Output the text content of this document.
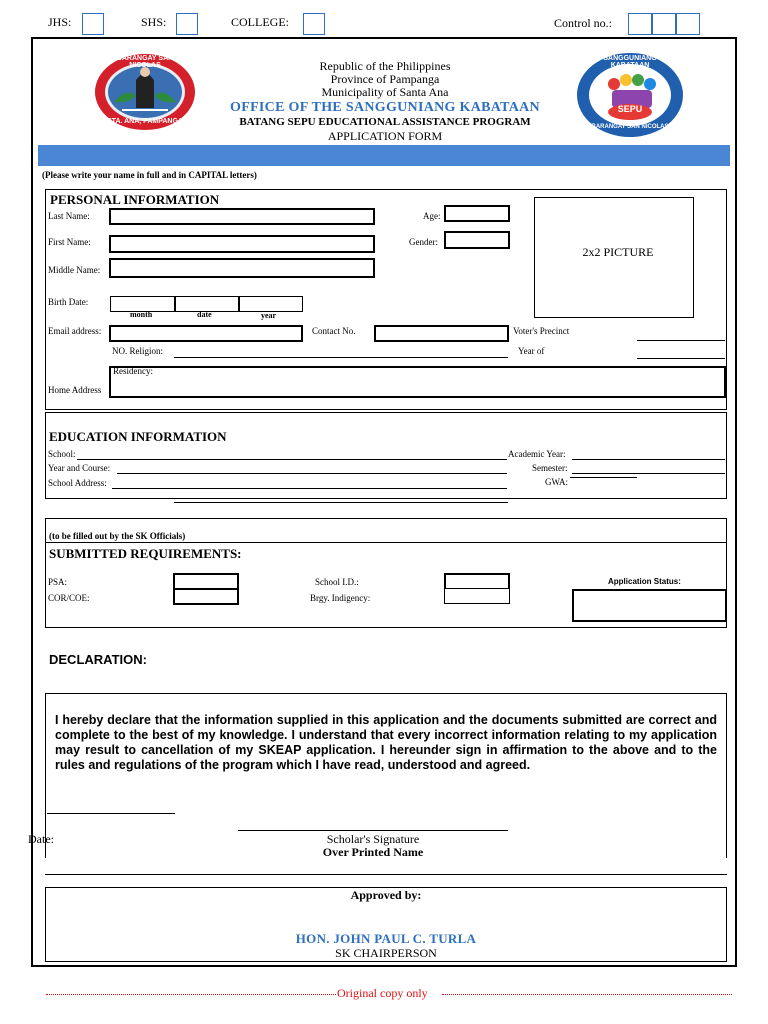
JHS:	SHS:	COLLEGE:	Control no.:
BARANGAY SAN NICOLAS
STA. ANA, PAMPANGA
SANGGUNIANG KABATAAN
SEPU
BARANGAY SAN NICOLAS
Republic of the Philippines
Province of Pampanga
Municipality of Santa Ana
OFFICE OF THE SANGGUNIANG KABATAAN
BATANG SEPU EDUCATIONAL ASSISTANCE PROGRAM
APPLICATION FORM
(Please write your name in full and in CAPITAL letters)
PERSONAL INFORMATION
Last Name:
First Name:
Middle Name:
Age:
Gender:
2x2 PICTURE
Birth Date:
month	date	year
Email address:	Contact No.	Voter's Precinct
NO. Religion:	Year of
Residency:
Home Address
EDUCATION INFORMATION
School:
Year and Course:
School Address:
Academic Year:
Semester:
GWA:
(to be filled out by the SK Officials)
SUBMITTED REQUIREMENTS:
PSA:
COR/COE:
School I.D.:
Brgy. Indigency:
Application Status:
DECLARATION:
I hereby declare that the information supplied in this application and the documents submitted are correct and complete to the best of my knowledge. I understand that every incorrect information relating to my application may result to cancellation of my SKEAP application. I hereunder sign in affirmation to the above and to the rules and regulations of the program which I have read, understood and agreed.
Date:	Scholar's Signature
Over Printed Name
Approved by:
HON. JOHN PAUL C. TURLA
SK CHAIRPERSON
Original copy only
